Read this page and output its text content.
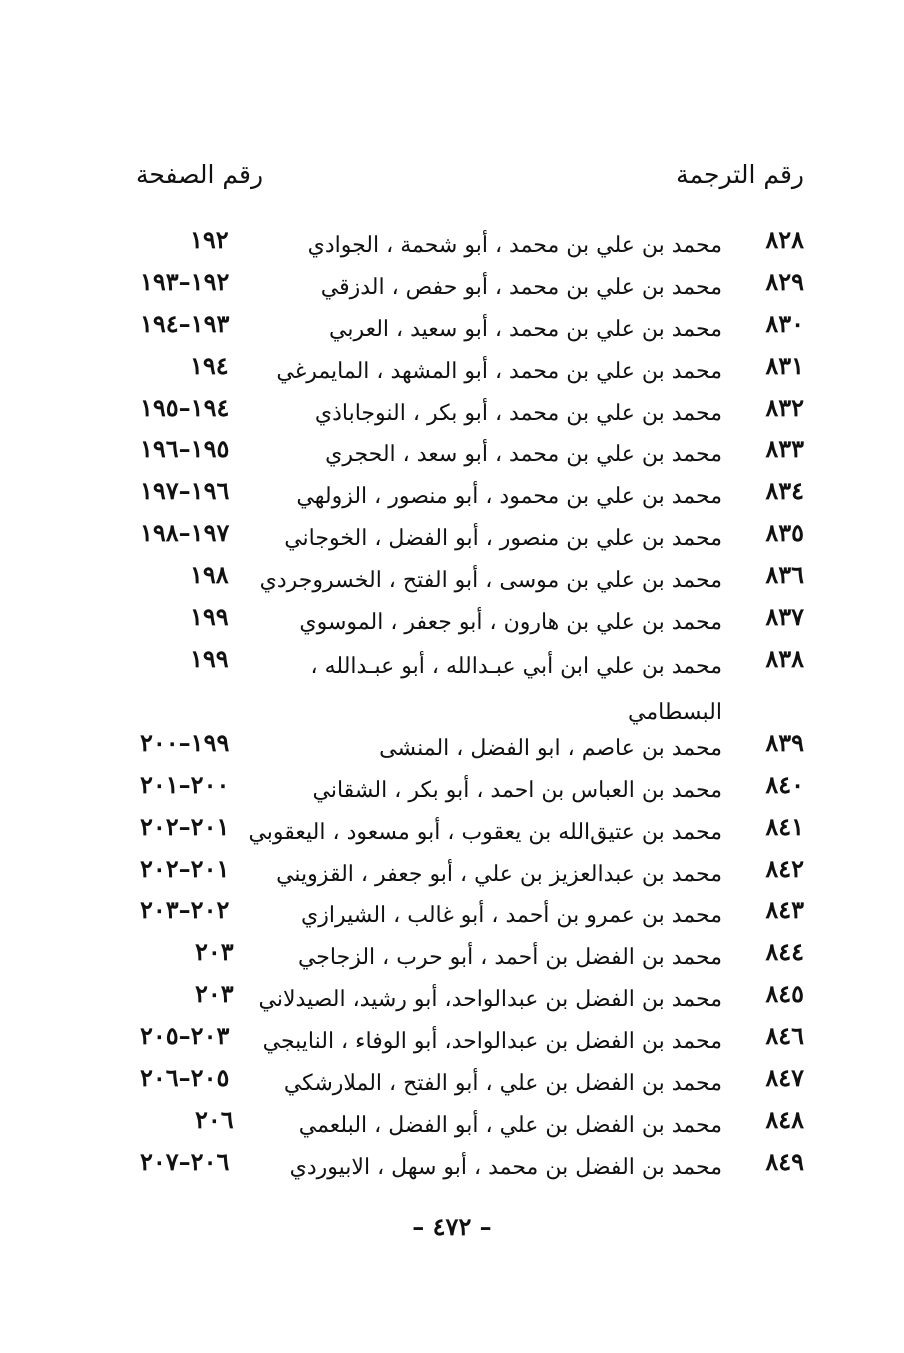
رقم الترجمة
رقم الصفحة
٨٢٨
محمد بن علي بن محمد ، أبو شحمة ، الجوادي
١٩٢
٨٢٩
محمد بن علي بن محمد ، أبو حفص ، الدزقي
١٩٢–١٩٣
٨٣٠
محمد بن علي بن محمد ، أبو سعيد ، العربي
١٩٣–١٩٤
٨٣١
محمد بن علي بن محمد ، أبو المشهد ، المايمرغي
١٩٤
٨٣٢
محمد بن علي بن محمد ، أبو بكر ، النوجاباذي
١٩٤–١٩٥
٨٣٣
محمد بن علي بن محمد ، أبو سعد ، الحجري
١٩٥–١٩٦
٨٣٤
محمد بن علي بن محمود ، أبو منصور ، الزولهي
١٩٦–١٩٧
٨٣٥
محمد بن علي بن منصور ، أبو الفضل ، الخوجاني
١٩٧–١٩٨
٨٣٦
محمد بن علي بن موسى ، أبو الفتح ، الخسروجردي
١٩٨
٨٣٧
محمد بن علي بن هارون ، أبو جعفر ، الموسوي
١٩٩
٨٣٨
محمد بن علي ابن أبي عبـدالله ، أبو عبـدالله ، البسطامي
١٩٩
٨٣٩
محمد بن عاصم ، ابو الفضل ، المنشى
١٩٩–٢٠٠
٨٤٠
محمد بن العباس بن احمد ، أبو بكر ، الشقاني
٢٠٠–٢٠١
٨٤١
محمد بن عتيق‌الله بن يعقوب ، أبو مسعود ، اليعقوبي
٢٠١–٢٠٢
٨٤٢
محمد بن عبدالعزيز بن علي ، أبو جعفر ، القزويني
٢٠١–٢٠٢
٨٤٣
محمد بن عمرو بن أحمد ، أبو غالب ، الشيرازي
٢٠٢–٢٠٣
٨٤٤
محمد بن الفضل بن أحمد ، أبو حرب ، الزجاجي
٢٠٣
٨٤٥
محمد بن الفضل بن عبدالواحد، أبو رشيد، الصيدلاني
٢٠٣
٨٤٦
محمد بن الفضل بن عبدالواحد، أبو الوفاء ، النايبجي
٢٠٣–٢٠٥
٨٤٧
محمد بن الفضل بن علي ، أبو الفتح ، الملارشكي
٢٠٥–٢٠٦
٨٤٨
محمد بن الفضل بن علي ، أبو الفضل ، البلعمي
٢٠٦
٨٤٩
محمد بن الفضل بن محمد ، أبو سهل ، الابيوردي
٢٠٦–٢٠٧
– ٤٧٢ –
